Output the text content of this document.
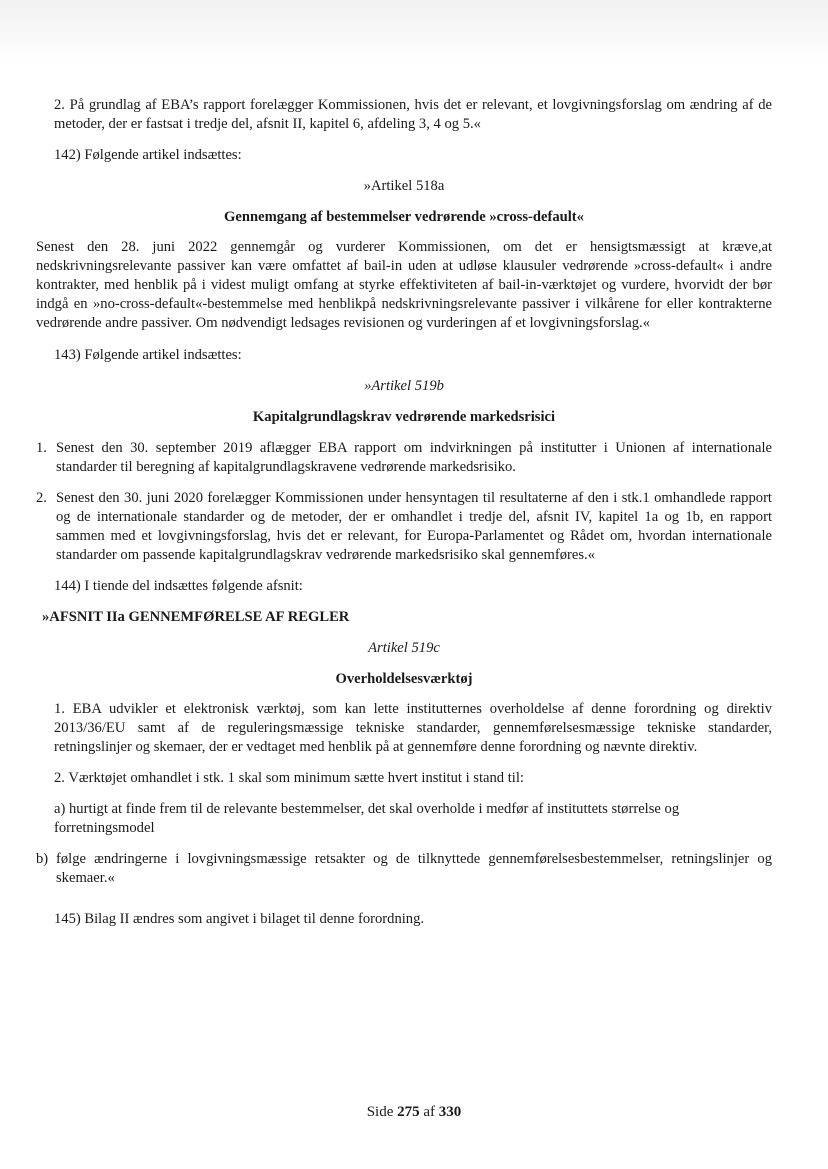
2. På grundlag af EBA’s rapport forelægger Kommissionen, hvis det er relevant, et lovgivningsforslag om ændring af de metoder, der er fastsat i tredje del, afsnit II, kapitel 6, afdeling 3, 4 og 5.«

142) Følgende artikel indsættes:

»Artikel 518a

Gennemgang af bestemmelser vedrørende »cross-default«

Senest den 28. juni 2022 gennemgår og vurderer Kommissionen, om det er hensigtsmæssigt at kræve,at nedskrivningsrelevante passiver kan være omfattet af bail-in uden at udløse klausuler vedrørende »cross-default« i andre kontrakter, med henblik på i videst muligt omfang at styrke effektiviteten af bail-in-værktøjet og vurdere, hvorvidt der bør indgå en »no-cross-default«-bestemmelse med henblikpå nedskrivningsrelevante passiver i vilkårene for eller kontrakterne vedrørende andre passiver. Om nødvendigt ledsages revisionen og vurderingen af et lovgivningsforslag.«

143) Følgende artikel indsættes:

»Artikel 519b

Kapitalgrundlagskrav vedrørende markedsrisici

1. Senest den 30. september 2019 aflægger EBA rapport om indvirkningen på institutter i Unionen af internationale standarder til beregning af kapitalgrundlagskravene vedrørende markedsrisiko.
2. Senest den 30. juni 2020 forelægger Kommissionen under hensyntagen til resultaterne af den i stk.1 omhandlede rapport og de internationale standarder og de metoder, der er omhandlet i tredje del, afsnit IV, kapitel 1a og 1b, en rapport sammen med et lovgivningsforslag, hvis det er relevant, for Europa-Parlamentet og Rådet om, hvordan internationale standarder om passende kapitalgrundlagskrav vedrørende markedsrisiko skal gennemføres.«

144) I tiende del indsættes følgende afsnit:

»AFSNIT IIa GENNEMFØRELSE AF REGLER

Artikel 519c

Overholdelsesværktøj

1. EBA udvikler et elektronisk værktøj, som kan lette institutternes overholdelse af denne forordning og direktiv 2013/36/EU samt af de reguleringsmæssige tekniske standarder, gennemførelsesmæssige tekniske standarder, retningslinjer og skemaer, der er vedtaget med henblik på at gennemføre denne forordning og nævnte direktiv.

2. Værktøjet omhandlet i stk. 1 skal som minimum sætte hvert institut i stand til:

a) hurtigt at finde frem til de relevante bestemmelser, det skal overholde i medfør af instituttets størrelse og forretningsmodel

b) følge ændringerne i lovgivningsmæssige retsakter og de tilknyttede gennemførelsesbestemmelser, retningslinjer og skemaer.«

145) Bilag II ændres som angivet i bilaget til denne forordning.

Side 275 af 330
